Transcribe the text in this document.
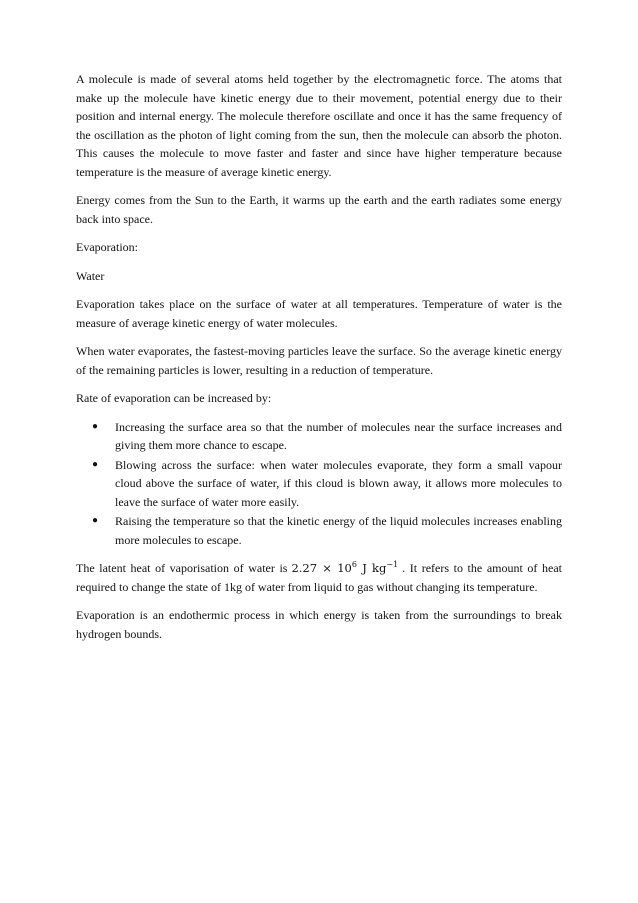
A molecule is made of several atoms held together by the electromagnetic force. The atoms that make up the molecule have kinetic energy due to their movement, potential energy due to their position and internal energy. The molecule therefore oscillate and once it has the same frequency of the oscillation as the photon of light coming from the sun, then the molecule can absorb the photon. This causes the molecule to move faster and faster and since have higher temperature because temperature is the measure of average kinetic energy.

Energy comes from the Sun to the Earth, it warms up the earth and the earth radiates some energy back into space.

Evaporation:

Water

Evaporation takes place on the surface of water at all temperatures. Temperature of water is the measure of average kinetic energy of water molecules.

When water evaporates, the fastest-moving particles leave the surface. So the average kinetic energy of the remaining particles is lower, resulting in a reduction of temperature.

Rate of evaporation can be increased by:

● Increasing the surface area so that the number of molecules near the surface increases and giving them more chance to escape.
● Blowing across the surface: when water molecules evaporate, they form a small vapour cloud above the surface of water, if this cloud is blown away, it allows more molecules to leave the surface of water more easily.
● Raising the temperature so that the kinetic energy of the liquid molecules increases enabling more molecules to escape.

The latent heat of vaporisation of water is $2.27 \times 10^6$ J $kg^{-1}$ . It refers to the amount of heat required to change the state of 1kg of water from liquid to gas without changing its temperature.

Evaporation is an endothermic process in which energy is taken from the surroundings to break hydrogen bounds.
